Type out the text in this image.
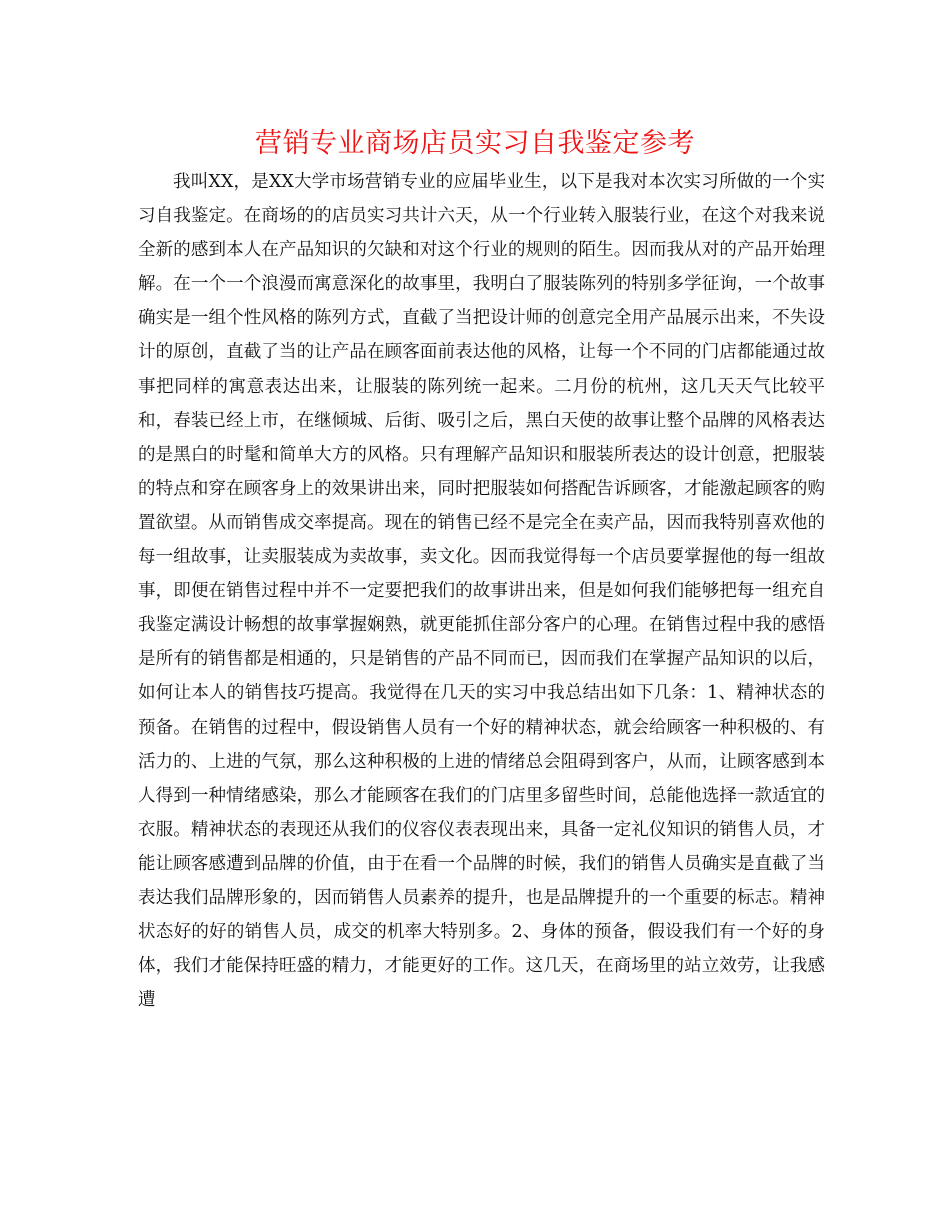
营销专业商场店员实习自我鉴定参考

我叫XX，是XX大学市场营销专业的应届毕业生，以下是我对本次实习所做的一个实习自我鉴定。在商场的的店员实习共计六天，从一个行业转入服装行业，在这个对我来说全新的感到本人在产品知识的欠缺和对这个行业的规则的陌生。因而我从对的产品开始理解。在一个一个浪漫而寓意深化的故事里，我明白了服装陈列的特别多学征询，一个故事确实是一组个性风格的陈列方式，直截了当把设计师的创意完全用产品展示出来，不失设计的原创，直截了当的让产品在顾客面前表达他的风格，让每一个不同的门店都能通过故事把同样的寓意表达出来，让服装的陈列统一起来。二月份的杭州，这几天天气比较平和，春装已经上市，在继倾城、后街、吸引之后，黑白天使的故事让整个品牌的风格表达的是黑白的时髦和简单大方的风格。只有理解产品知识和服装所表达的设计创意，把服装的特点和穿在顾客身上的效果讲出来，同时把服装如何搭配告诉顾客，才能激起顾客的购置欲望。从而销售成交率提高。现在的销售已经不是完全在卖产品，因而我特别喜欢他的每一组故事，让卖服装成为卖故事，卖文化。因而我觉得每一个店员要掌握他的每一组故事，即便在销售过程中并不一定要把我们的故事讲出来，但是如何我们能够把每一组充自我鉴定满设计畅想的故事掌握娴熟，就更能抓住部分客户的心理。在销售过程中我的感悟是所有的销售都是相通的，只是销售的产品不同而已，因而我们在掌握产品知识的以后，如何让本人的销售技巧提高。我觉得在几天的实习中我总结出如下几条：1、精神状态的预备。在销售的过程中，假设销售人员有一个好的精神状态，就会给顾客一种积极的、有活力的、上进的气氛，那么这种积极的上进的情绪总会阻碍到客户，从而，让顾客感到本人得到一种情绪感染，那么才能顾客在我们的门店里多留些时间，总能他选择一款适宜的衣服。精神状态的表现还从我们的仪容仪表表现出来，具备一定礼仪知识的销售人员，才能让顾客感遭到品牌的价值，由于在看一个品牌的时候，我们的销售人员确实是直截了当表达我们品牌形象的，因而销售人员素养的提升，也是品牌提升的一个重要的标志。精神状态好的好的销售人员，成交的机率大特别多。2、身体的预备，假设我们有一个好的身体，我们才能保持旺盛的精力，才能更好的工作。这几天，在商场里的站立效劳，让我感遭
